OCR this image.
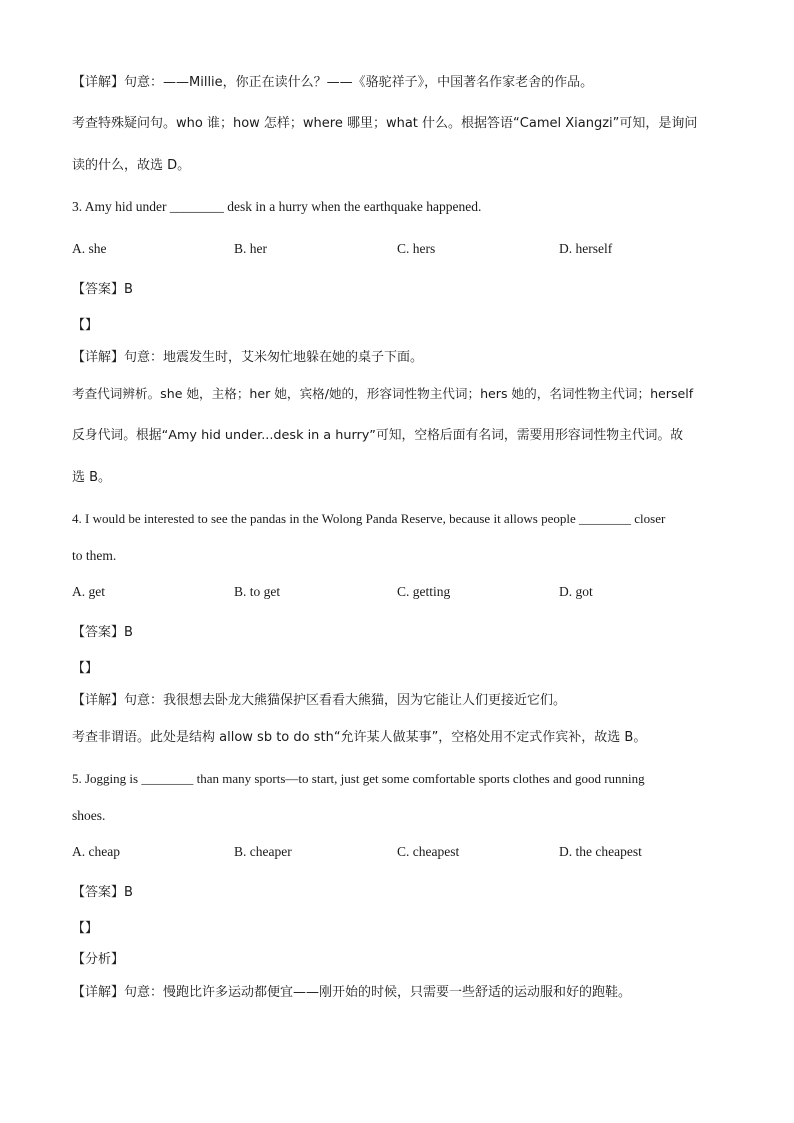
【详解】句意：——Millie，你正在读什么？——《骆驼祥子》，中国著名作家老舍的作品。
考查特殊疑问句。who 谁；how 怎样；where 哪里；what 什么。根据答语“Camel Xiangzi”可知，是询问
读的什么，故选 D。
3. Amy hid under ________ desk in a hurry when the earthquake happened.
A. she	B. her	C. hers	D. herself
【答案】B
【】
【详解】句意：地震发生时，艾米匆忙地躲在她的桌子下面。
考查代词辨析。she 她，主格；her 她，宾格/她的，形容词性物主代词；hers 她的，名词性物主代词；herself
反身代词。根据“Amy hid under...desk in a hurry”可知，空格后面有名词，需要用形容词性物主代词。故
选 B。
4. I would be interested to see the pandas in the Wolong Panda Reserve, because it allows people ________ closer
to them.
A. get	B. to get	C. getting	D. got
【答案】B
【】
【详解】句意：我很想去卧龙大熊猫保护区看看大熊猫，因为它能让人们更接近它们。
考查非谓语。此处是结构 allow sb to do sth“允许某人做某事”，空格处用不定式作宾补，故选 B。
5. Jogging is ________ than many sports—to start, just get some comfortable sports clothes and good running
shoes.
A. cheap	B. cheaper	C. cheapest	D. the cheapest
【答案】B
【】
【分析】
【详解】句意：慢跑比许多运动都便宜——刚开始的时候，只需要一些舒适的运动服和好的跑鞋。
